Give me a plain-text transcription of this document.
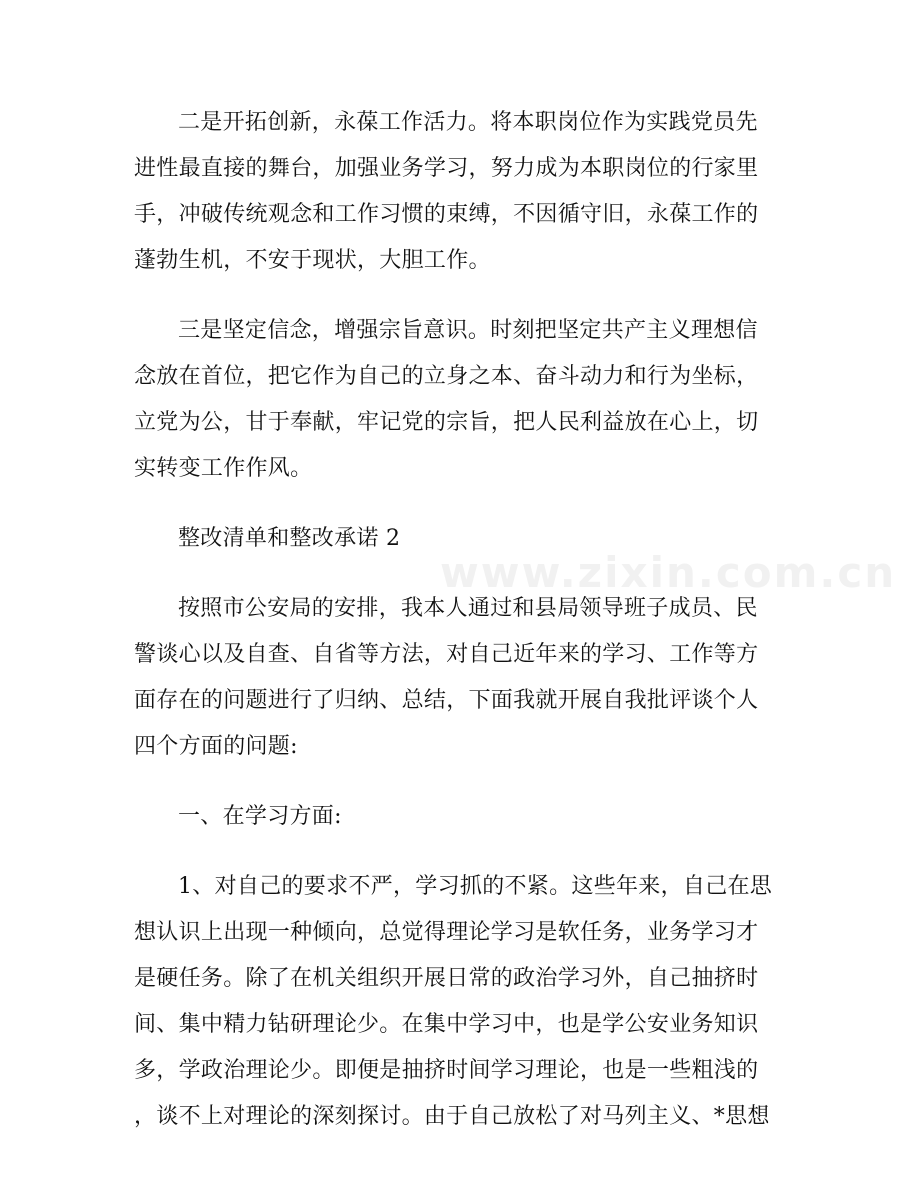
二是开拓创新，永葆工作活力。将本职岗位作为实践党员先
进性最直接的舞台，加强业务学习，努力成为本职岗位的行家里
手，冲破传统观念和工作习惯的束缚，不因循守旧，永葆工作的
蓬勃生机，不安于现状，大胆工作。

三是坚定信念，增强宗旨意识。时刻把坚定共产主义理想信
念放在首位，把它作为自己的立身之本、奋斗动力和行为坐标，
立党为公，甘于奉献，牢记党的宗旨，把人民利益放在心上，切
实转变工作作风。

整改清单和整改承诺 2

按照市公安局的安排，我本人通过和县局领导班子成员、民
警谈心以及自查、自省等方法，对自己近年来的学习、工作等方
面存在的问题进行了归纳、总结，下面我就开展自我批评谈个人
四个方面的问题:

一、在学习方面:

1、对自己的要求不严，学习抓的不紧。这些年来，自己在思
想认识上出现一种倾向，总觉得理论学习是软任务，业务学习才
是硬任务。除了在机关组织开展日常的政治学习外，自己抽挤时
间、集中精力钻研理论少。在集中学习中，也是学公安业务知识
多，学政治理论少。即便是抽挤时间学习理论，也是一些粗浅的
，谈不上对理论的深刻探讨。由于自己放松了对马列主义、*思想

www.zixin.com.cn
